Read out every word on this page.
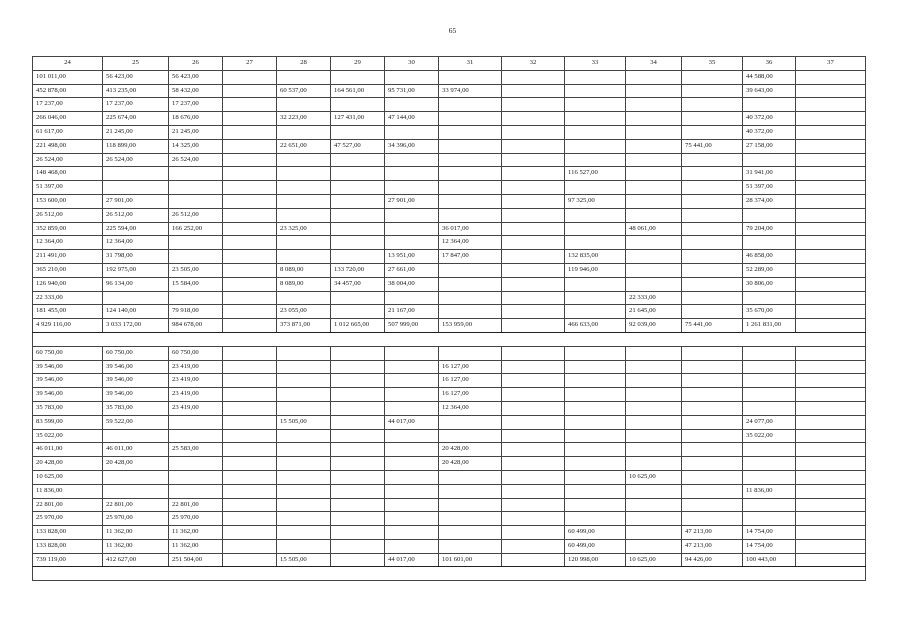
65
24	25	26	27	28	29	30	31	32	33	34	35	36	37
101 011,00	56 423,00	56 423,00										44 588,00	
452 878,00	413 235,00	58 432,00		60 537,00	164 561,00	95 731,00	33 974,00					39 643,00	
17 237,00	17 237,00	17 237,00											
266 046,00	225 674,00	18 676,00		32 223,00	127 431,00	47 144,00						40 372,00	
61 617,00	21 245,00	21 245,00										40 372,00	
221 498,00	118 899,00	14 325,00		22 651,00	47 527,00	34 396,00					75 441,00	27 158,00	
26 524,00	26 524,00	26 524,00											
148 468,00									116 527,00			31 941,00	
51 397,00												51 397,00	
153 600,00	27 901,00					27 901,00			97 325,00			28 374,00	
26 512,00	26 512,00	26 512,00											
352 859,00	225 594,00	166 252,00		23 325,00			36 017,00			48 061,00		79 204,00	
12 364,00	12 364,00						12 364,00						
211 491,00	31 798,00					13 951,00	17 847,00		132 835,00			46 858,00	
365 210,00	192 975,00	23 505,00		8 089,00	133 720,00	27 661,00			119 946,00			52 289,00	
126 940,00	96 134,00	15 584,00		8 089,00	34 457,00	38 004,00						30 806,00	
22 333,00										22 333,00			
181 455,00	124 140,00	79 918,00		23 055,00		21 167,00				21 645,00		35 670,00	
4 929 116,00	3 033 172,00	984 678,00		373 871,00	1 012 665,00	507 999,00	153 959,00		466 633,00	92 039,00	75 441,00	1 261 831,00	

60 750,00	60 750,00	60 750,00											
39 546,00	39 546,00	23 419,00					16 127,00						
39 546,00	39 546,00	23 419,00					16 127,00						
39 546,00	39 546,00	23 419,00					16 127,00						
35 783,00	35 783,00	23 419,00					12 364,00						
83 599,00	59 522,00			15 505,00		44 017,00						24 077,00	
35 022,00												35 022,00	
46 011,00	46 011,00	25 583,00					20 428,00						
20 428,00	20 428,00						20 428,00						
10 625,00										10 625,00			
11 836,00												11 836,00	
22 801,00	22 801,00	22 801,00											
25 970,00	25 970,00	25 970,00											
133 828,00	11 362,00	11 362,00							60 499,00		47 213,00	14 754,00	
133 828,00	11 362,00	11 362,00							60 499,00		47 213,00	14 754,00	
739 119,00	412 627,00	251 504,00		15 505,00		44 017,00	101 601,00		120 998,00	10 625,00	94 426,00	100 443,00	
